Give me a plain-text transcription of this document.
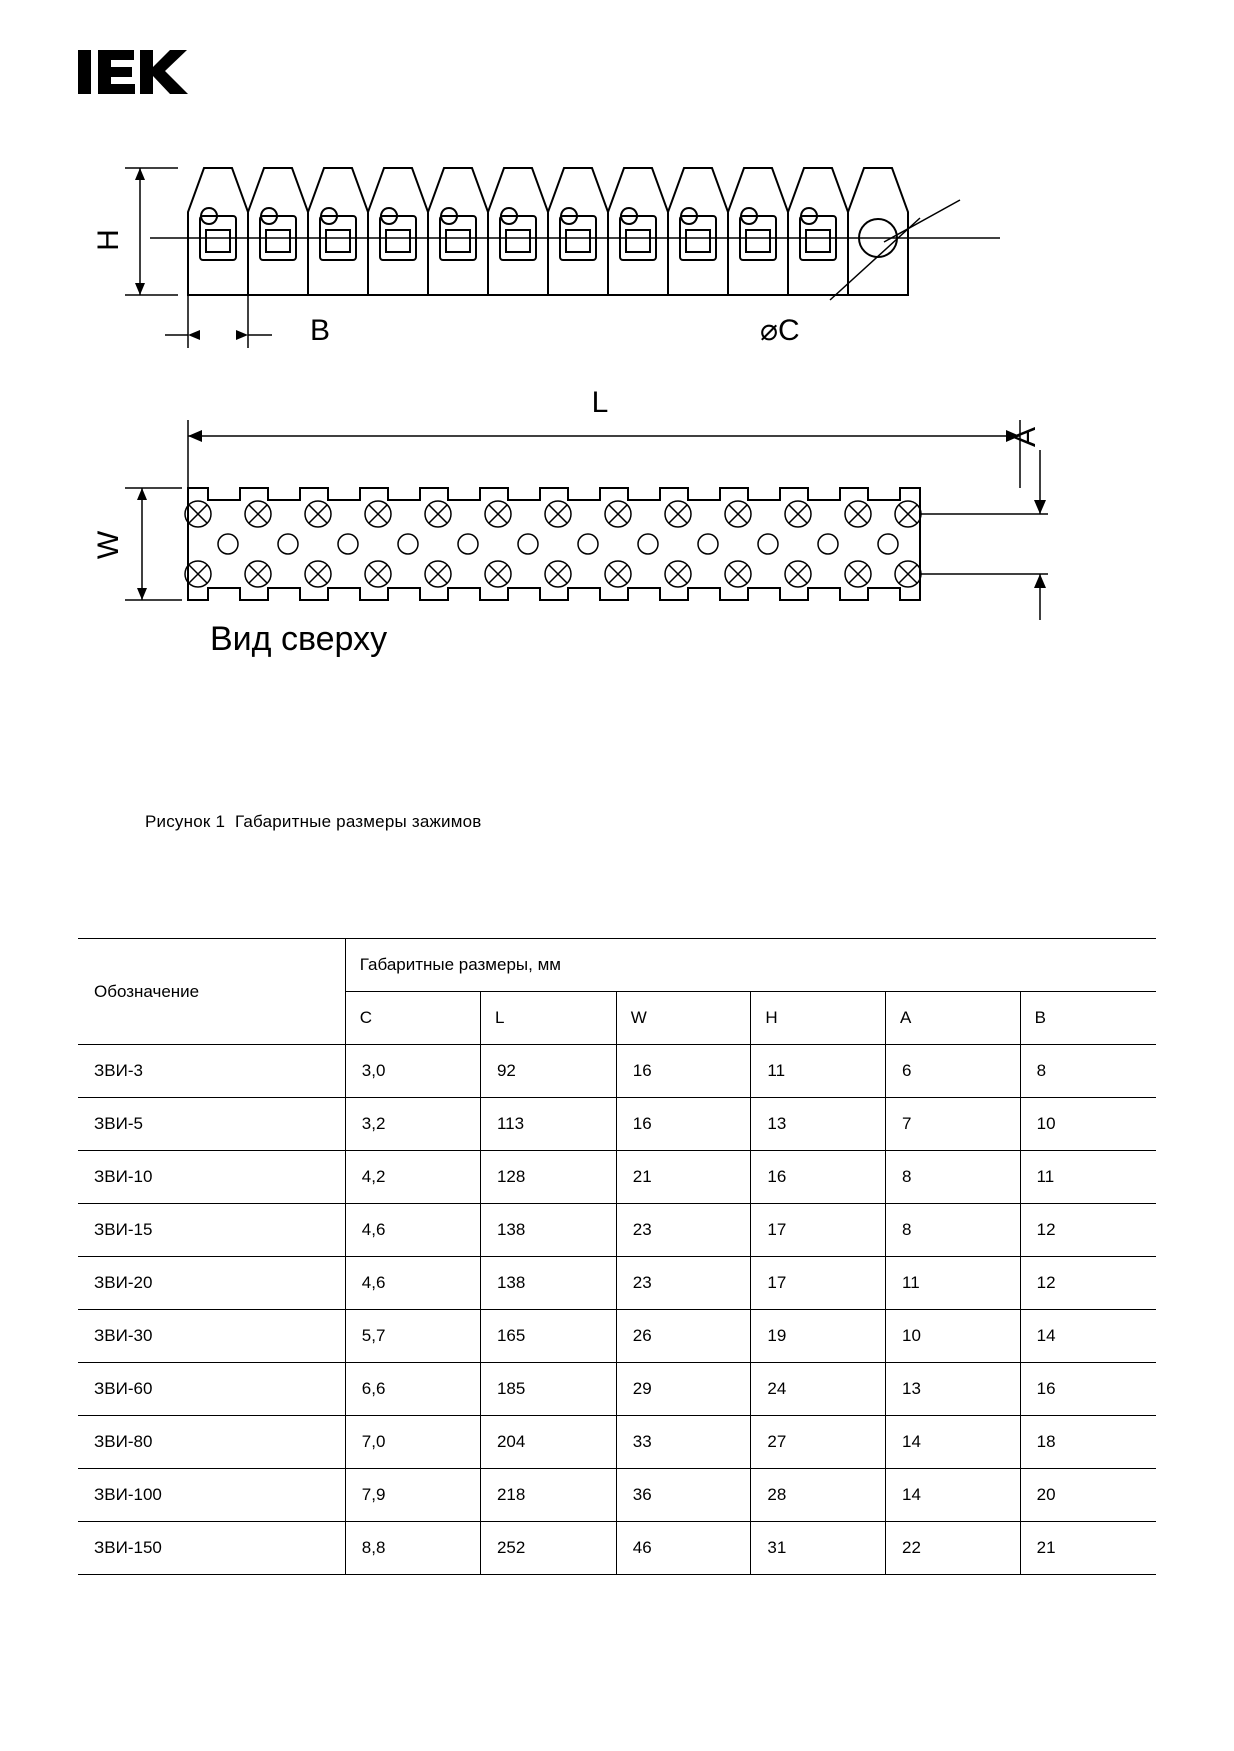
H
B	⌀C
L
A
W
Вид сверху
Рисунок 1  Габаритные размеры зажимов
Обозначение	Габаритные размеры, мм					
	C	L	W	H	A	B
ЗВИ-3	3,0	92	16	11	6	8
ЗВИ-5	3,2	113	16	13	7	10
ЗВИ-10	4,2	128	21	16	8	11
ЗВИ-15	4,6	138	23	17	8	12
ЗВИ-20	4,6	138	23	17	11	12
ЗВИ-30	5,7	165	26	19	10	14
ЗВИ-60	6,6	185	29	24	13	16
ЗВИ-80	7,0	204	33	27	14	18
ЗВИ-100	7,9	218	36	28	14	20
ЗВИ-150	8,8	252	46	31	22	21
